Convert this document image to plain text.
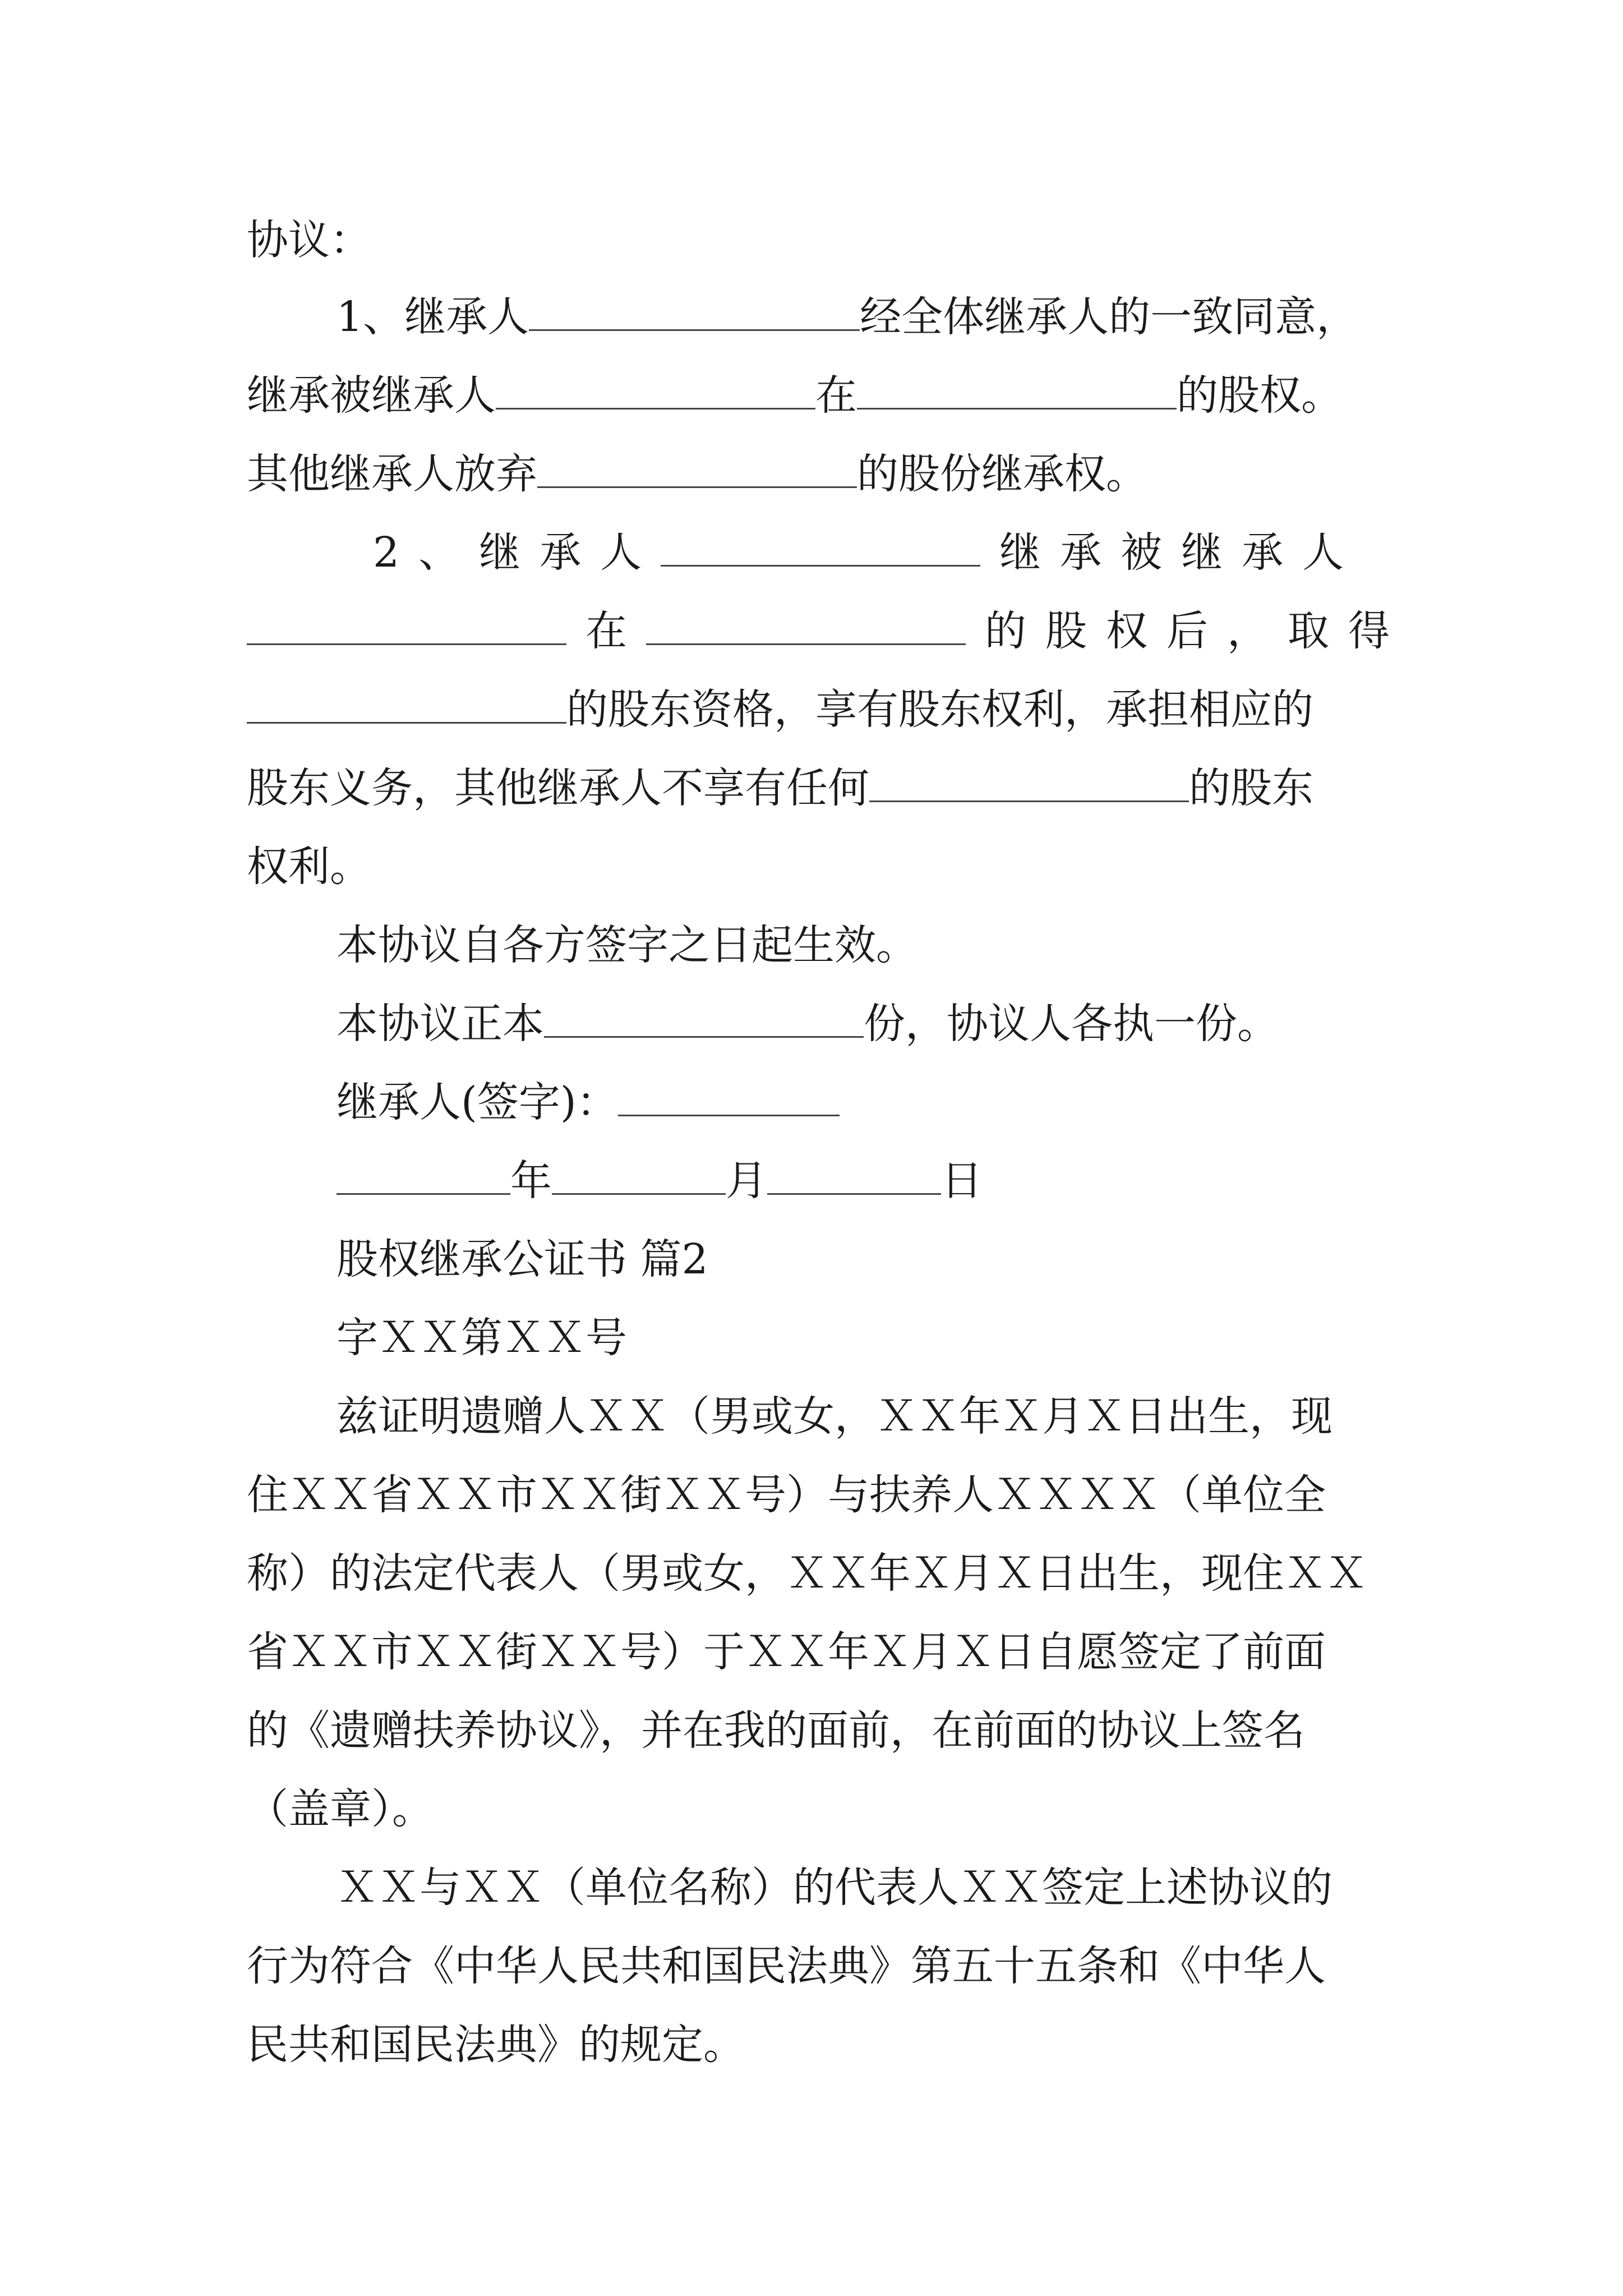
协议：
1、继承人	经全体继承人的一致同意，
继承被继承人	在	的股权。
其他继承人放弃	的股份继承权。
2、继承人	继承被继承人
在	的股权后，取得
的股东资格，享有股东权利，承担相应的
股东义务，其他继承人不享有任何	的股东
权利。
本协议自各方签字之日起生效。
本协议正本	份，协议人各执一份。
继承人(签字)：
年	月	日
股权继承公证书 篇2
字ＸＸ第ＸＸ号
兹证明遗赠人ＸＸ（男或女，ＸＸ年Ｘ月Ｘ日出生，现
住ＸＸ省ＸＸ市ＸＸ街ＸＸ号）与扶养人ＸＸＸＸ（单位全
称）的法定代表人（男或女，ＸＸ年Ｘ月Ｘ日出生，现住ＸＸ
省ＸＸ市ＸＸ街ＸＸ号）于ＸＸ年Ｘ月Ｘ日自愿签定了前面
的《遗赠扶养协议》，并在我的面前，在前面的协议上签名
（盖章）。
ＸＸ与ＸＸ（单位名称）的代表人ＸＸ签定上述协议的
行为符合《中华人民共和国民法典》第五十五条和《中华人
民共和国民法典》的规定。
